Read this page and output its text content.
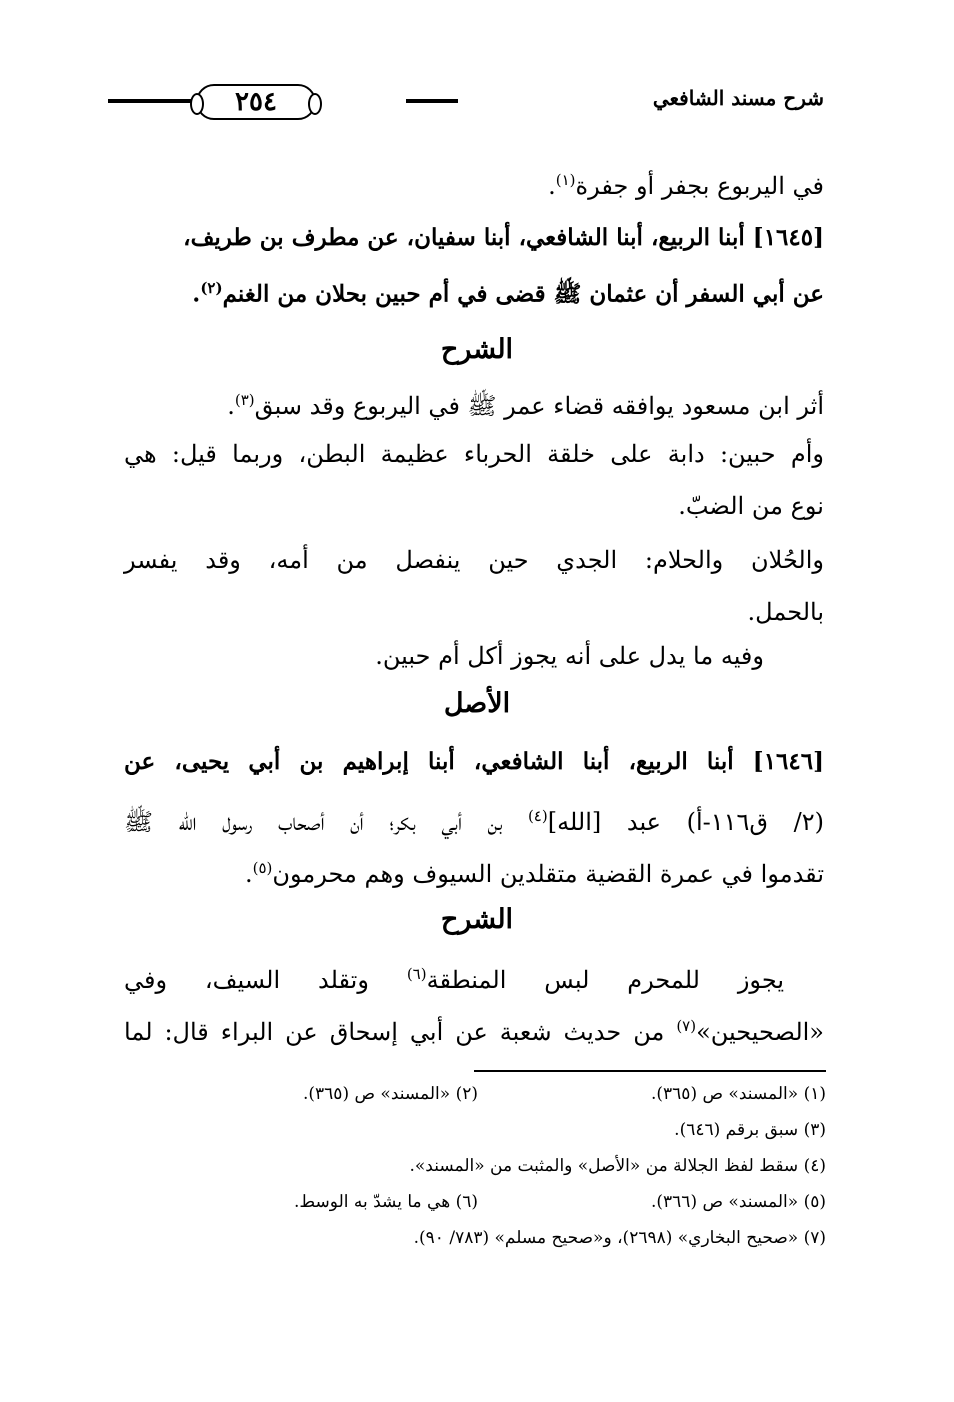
شرح مسند الشافعي
٢٥٤
في اليربوع بجفر أو جفرة$^{(١)}$.
[١٦٤٥] أبنا الربيع، أبنا الشافعي، أبنا سفيان، عن مطرف بن طريف،
عن أبي السفر أن عثمان ﷺ قضى في أم حبين بحلان من الغنم$^{(٢)}$.
الشرح
أثر ابن مسعود يوافقه قضاء عمر ﷺ في اليربوع وقد سبق$^{(٣)}$.
وأم حبين: دابة على خلقة الحرباء عظيمة البطن، وربما قيل: هي
نوع من الضبّ.
والحُلان والحلام: الجدي حين ينفصل من أمه، وقد يفسر
بالحمل.
وفيه ما يدل على أنه يجوز أكل أم حبين.
الأصل
[١٦٤٦] أبنا الربيع، أبنا الشافعي، أبنا إبراهيم بن أبي يحيى، عن
(٢/ ق١١٦-أ) عبد [الله]$^{(٤)}$ بن أبي بكر؛ أن أصحاب رسول الله ﷺ
تقدموا في عمرة القضية متقلدين السيوف وهم محرمون$^{(٥)}$.
الشرح
يجوز للمحرم لبس المنطقة$^{(٦)}$ وتقلد السيف، وفي
«الصحيحين»$^{(٧)}$ من حديث شعبة عن أبي إسحاق عن البراء قال: لما
(١) «المسند» ص (٣٦٥).
(٢) «المسند» ص (٣٦٥).
(٣) سبق برقم (٦٤٦).
(٤) سقط لفظ الجلالة من «الأصل» والمثبت من «المسند».
(٥) «المسند» ص (٣٦٦).
(٦) هي ما يشدّ به الوسط.
(٧) «صحيح البخاري» (٢٦٩٨)، و«صحيح مسلم» (٧٨٣/ ٩٠).
